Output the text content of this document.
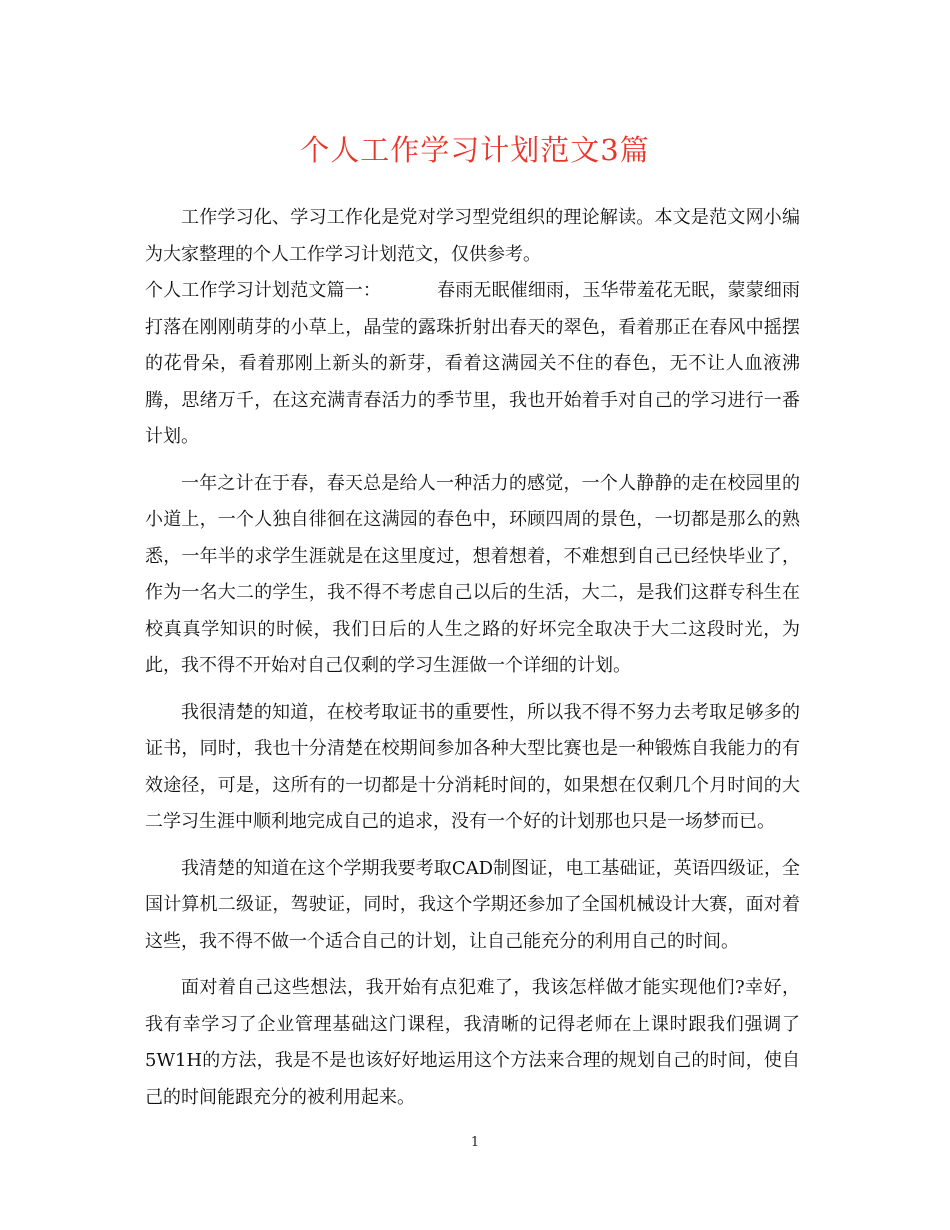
个人工作学习计划范文3篇

工作学习化、学习工作化是党对学习型党组织的理论解读。本文是范文网小编为大家整理的个人工作学习计划范文，仅供参考。

个人工作学习计划范文篇一：	春雨无眠催细雨，玉华带羞花无眠，蒙蒙细雨打落在刚刚萌芽的小草上，晶莹的露珠折射出春天的翠色，看着那正在春风中摇摆的花骨朵，看着那刚上新头的新芽，看着这满园关不住的春色，无不让人血液沸腾，思绪万千，在这充满青春活力的季节里，我也开始着手对自己的学习进行一番计划。

一年之计在于春，春天总是给人一种活力的感觉，一个人静静的走在校园里的小道上，一个人独自徘徊在这满园的春色中，环顾四周的景色，一切都是那么的熟悉，一年半的求学生涯就是在这里度过，想着想着，不难想到自己已经快毕业了，作为一名大二的学生，我不得不考虑自己以后的生活，大二，是我们这群专科生在校真真学知识的时候，我们日后的人生之路的好坏完全取决于大二这段时光，为此，我不得不开始对自己仅剩的学习生涯做一个详细的计划。

我很清楚的知道，在校考取证书的重要性，所以我不得不努力去考取足够多的证书，同时，我也十分清楚在校期间参加各种大型比赛也是一种锻炼自我能力的有效途径，可是，这所有的一切都是十分消耗时间的，如果想在仅剩几个月时间的大二学习生涯中顺利地完成自己的追求，没有一个好的计划那也只是一场梦而已。

我清楚的知道在这个学期我要考取CAD制图证，电工基础证，英语四级证，全国计算机二级证，驾驶证，同时，我这个学期还参加了全国机械设计大赛，面对着这些，我不得不做一个适合自己的计划，让自己能充分的利用自己的时间。

面对着自己这些想法，我开始有点犯难了，我该怎样做才能实现他们?幸好，我有幸学习了企业管理基础这门课程，我清晰的记得老师在上课时跟我们强调了5W1H的方法，我是不是也该好好地运用这个方法来合理的规划自己的时间，使自己的时间能跟充分的被利用起来。

1
